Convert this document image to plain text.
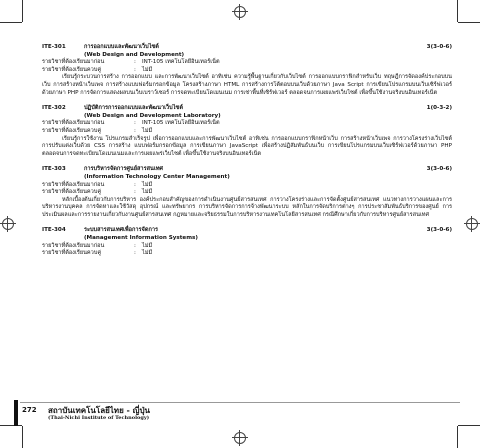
ITE-301	การออกแบบและพัฒนาเว็บไซต์	3(3-0-6)
(Web Design and Development)
รายวิชาที่ต้องเรียนมาก่อน	:	INT-105 เทคโนโลยีอินเทอร์เน็ต
รายวิชาที่ต้องเรียนควบคู่	:	ไม่มี
เรียนรู้กระบวนการสร้าง การออกแบบ และการพัฒนาเว็บไซต์ อาทิเช่น ความรู้พื้นฐานเกี่ยวกับเว็บไซต์ การออกแบบกราฟิกสำหรับเว็บ ทฤษฎีการจัดองค์ประกอบบนเว็บ การสร้างหน้าเว็บเพจ การสร้างแบบฟอร์มกรอกข้อมูล โครงสร้างภาษา HTML การสร้างการโต้ตอบบนเว็บด้วยภาษา Java Script การเขียนโปรแกรมบนเว็บเซิร์ฟเวอร์ด้วยภาษา PHP การจัดการแสดงผลบนเว็บเบราว์เซอร์ การจดทะเบียนโดเมนเนม การเช่าพื้นที่เซิร์ฟเวอร์ ตลอดจนการเผยแพร่เว็บไซต์ เพื่อขึ้นใช้งานจริงบนอินเทอร์เน็ต
ITE-302	ปฏิบัติการการออกแบบและพัฒนาเว็บไซต์	1(0-3-2)
(Web Design and Development Laboratory)
รายวิชาที่ต้องเรียนมาก่อน	:	INT-105 เทคโนโลยีอินเทอร์เน็ต
รายวิชาที่ต้องเรียนควบคู่	:	ไม่มี
เรียนรู้การใช้งาน โปรแกรมสำเร็จรูป เพื่อการออกแบบและการพัฒนาเว็บไซต์ อาทิเช่น การออกแบบกราฟิกหน้าเว็บ การสร้างหน้าเว็บเพจ การวางโครงร่างเว็บไซต์ การปรับแต่งเว็บด้วย CSS การสร้าง แบบฟอร์มกรอกข้อมูล การเขียนภาษา JavaScript เพื่อสร้างปฏิสัมพันธ์บนเว็บ การเขียนโปรแกรมบนเว็บเซิร์ฟเวอร์ด้วยภาษา PHP ตลอดจนการจดทะเบียนโดเมนเนมและการเผยแพร่เว็บไซต์ เพื่อขึ้นใช้งานจริงบนอินเทอร์เน็ต
ITE-303	การบริหารจัดการศูนย์สารสนเทศ	3(3-0-6)
(Information Technology Center Management)
รายวิชาที่ต้องเรียนมาก่อน	:	ไม่มี
รายวิชาที่ต้องเรียนควบคู่	:	ไม่มี
หลักเบื้องต้นเกี่ยวกับการบริหาร องค์ประกอบสำคัญของการดำเนินงานศูนย์สารสนเทศ การวางโครงร่างและการจัดตั้งศูนย์สารสนเทศ แนวทางการวางแผนและการบริหารงานบุคคล การจัดหาและใช้วัสดุ อุปกรณ์ และทรัพยากร การบริหารจัดการการจ้างพัฒนาระบบ หลักในการจัดบริการต่างๆ การประชาสัมพันธ์บริการของศูนย์ การประเมินผลและการรายงานเกี่ยวกับงานศูนย์สารสนเทศ กฎหมายและจริยธรรมในการบริหารงานเทคโนโลยีสารสนเทศ กรณีศึกษาเกี่ยวกับการบริหารศูนย์สารสนเทศ
ITE-304	ระบบสารสนเทศเพื่อการจัดการ	3(3-0-6)
(Management Information Systems)
รายวิชาที่ต้องเรียนมาก่อน	:	ไม่มี
รายวิชาที่ต้องเรียนควบคู่	:	ไม่มี
272 สถาบันเทคโนโลยีไทย - ญี่ปุ่น
(Thai-Nichi Institute of Technology)
